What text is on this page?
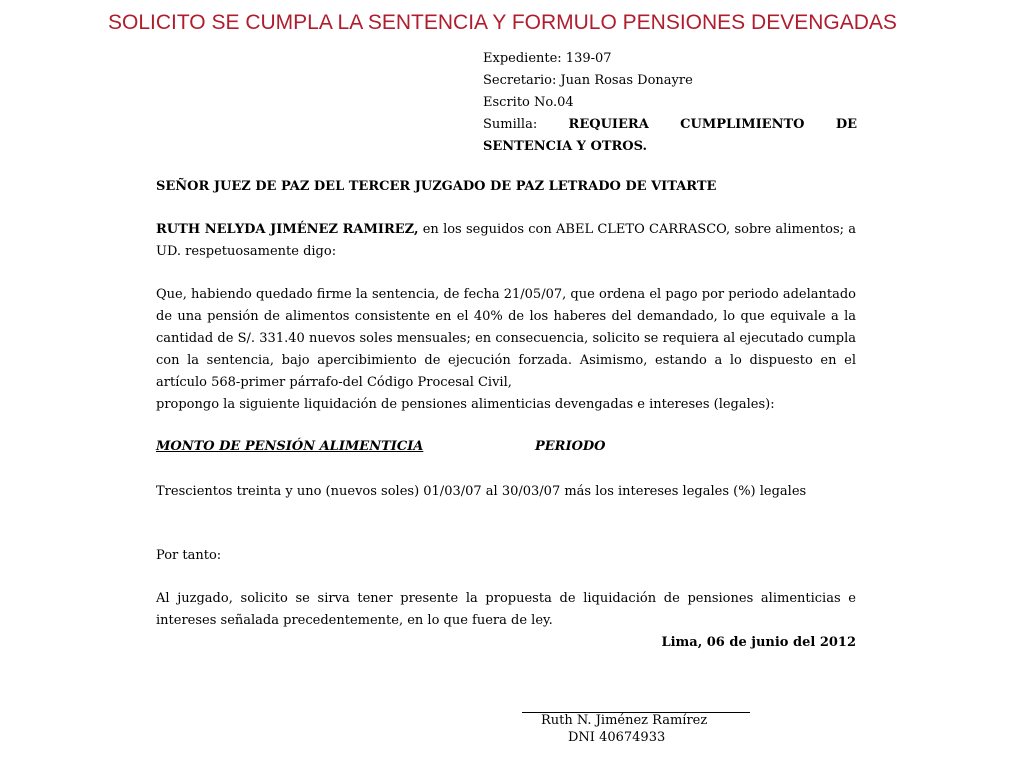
SOLICITO SE CUMPLA LA SENTENCIA Y FORMULO PENSIONES DEVENGADAS
Expediente: 139-07
Secretario: Juan Rosas Donayre
Escrito No.04
Sumilla: REQUIERA CUMPLIMIENTO DE
SENTENCIA Y OTROS.
SEÑOR JUEZ DE PAZ DEL TERCER JUZGADO DE PAZ LETRADO DE VITARTE
RUTH NELYDA JIMÉNEZ RAMIREZ, en los seguidos con ABEL CLETO CARRASCO, sobre alimentos; a UD. respetuosamente digo:
Que, habiendo quedado firme la sentencia, de fecha 21/05/07, que ordena el pago por periodo adelantado de una pensión de alimentos consistente en el 40% de los haberes del demandado, lo que equivale a la cantidad de S/. 331.40 nuevos soles mensuales; en consecuencia, solicito se requiera al ejecutado cumpla con la sentencia, bajo apercibimiento de ejecución forzada. Asimismo, estando a lo dispuesto en el artículo 568-primer párrafo-del Código Procesal Civil,
propongo la siguiente liquidación de pensiones alimenticias devengadas e intereses (legales):
MONTO DE PENSIÓN ALIMENTICIA	PERIODO
Trescientos treinta y uno (nuevos soles) 01/03/07 al 30/03/07 más los intereses legales (%) legales
Por tanto:
Al juzgado, solicito se sirva tener presente la propuesta de liquidación de pensiones alimenticias e intereses señalada precedentemente, en lo que fuera de ley.
Lima, 06 de junio del 2012
Ruth N. Jiménez Ramírez
DNI 40674933
